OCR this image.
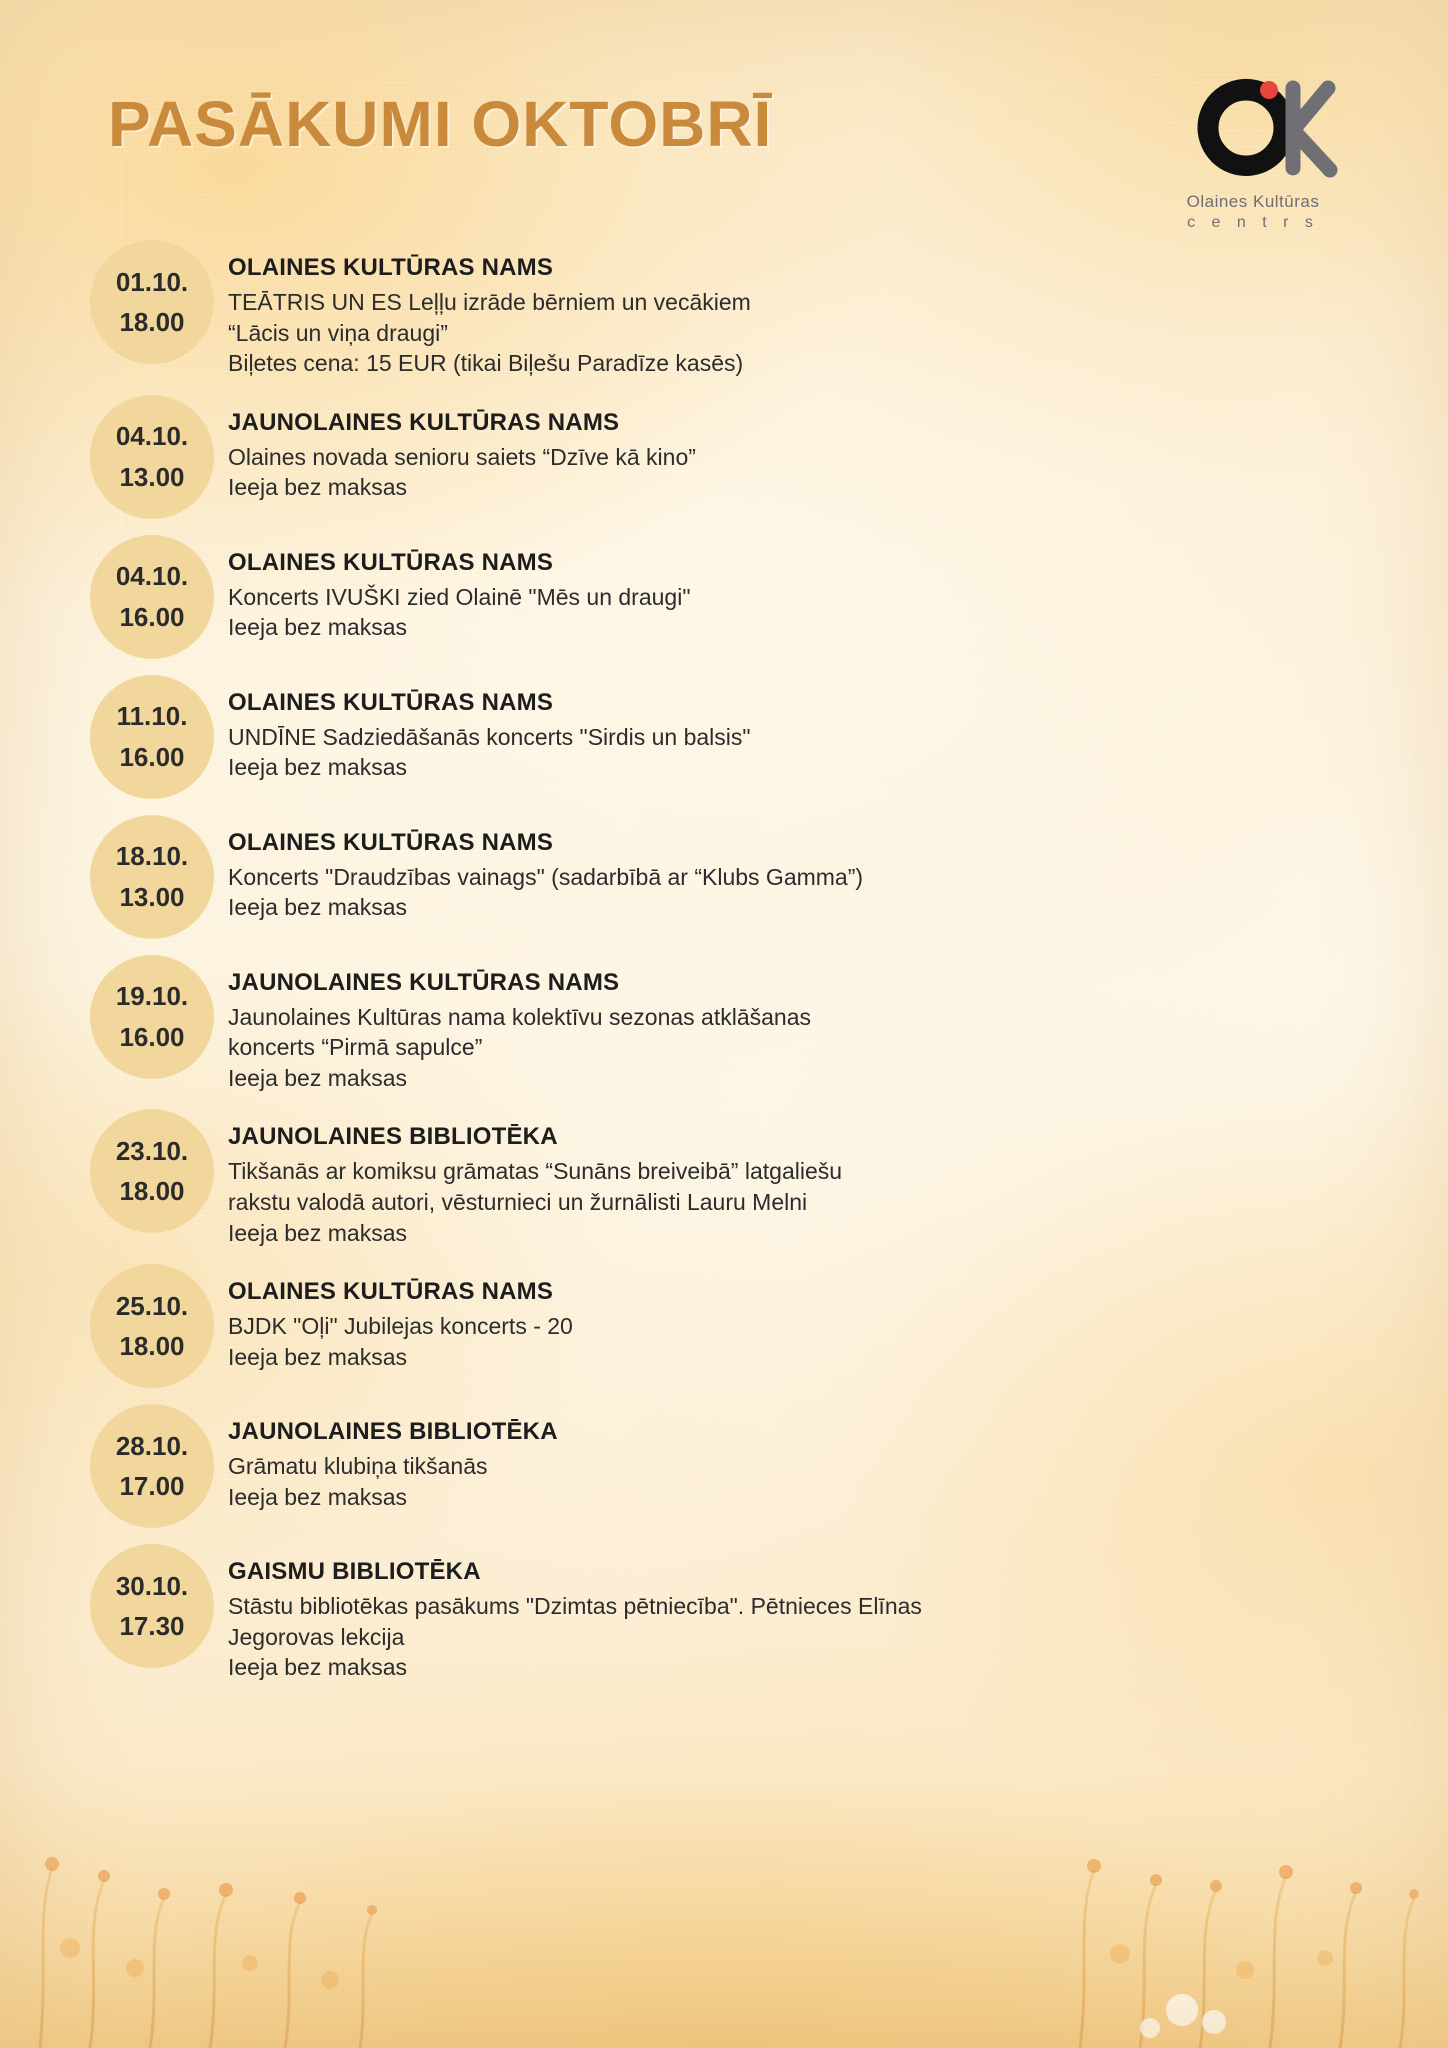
PASĀKUMI OKTOBRĪ
Olaines Kultūras
c e n t r s
01.10.
18.00
OLAINES KULTŪRAS NAMS
TEĀTRIS UN ES Leļļu izrāde bērniem un vecākiem
“Lācis un viņa draugi”
Biļetes cena: 15 EUR (tikai Biļešu Paradīze kasēs)
04.10.
13.00
JAUNOLAINES KULTŪRAS NAMS
Olaines novada senioru saiets “Dzīve kā kino”
Ieeja bez maksas
04.10.
16.00
OLAINES KULTŪRAS NAMS
Koncerts IVUŠKI zied Olainē "Mēs un draugi"
Ieeja bez maksas
11.10.
16.00
OLAINES KULTŪRAS NAMS
UNDĪNE Sadziedāšanās koncerts "Sirdis un balsis"
Ieeja bez maksas
18.10.
13.00
OLAINES KULTŪRAS NAMS
Koncerts "Draudzības vainags" (sadarbībā ar “Klubs Gamma”)
Ieeja bez maksas
19.10.
16.00
JAUNOLAINES KULTŪRAS NAMS
Jaunolaines Kultūras nama kolektīvu sezonas atklāšanas
koncerts “Pirmā sapulce”
Ieeja bez maksas
23.10.
18.00
JAUNOLAINES BIBLIOTĒKA
Tikšanās ar komiksu grāmatas “Sunāns breiveibā” latgaliešu
rakstu valodā autori, vēsturnieci un žurnālisti Lauru Melni
Ieeja bez maksas
25.10.
18.00
OLAINES KULTŪRAS NAMS
BJDK "Oļi" Jubilejas koncerts - 20
Ieeja bez maksas
28.10.
17.00
JAUNOLAINES BIBLIOTĒKA
Grāmatu klubiņa tikšanās
Ieeja bez maksas
30.10.
17.30
GAISMU BIBLIOTĒKA
Stāstu bibliotēkas pasākums "Dzimtas pētniecība". Pētnieces Elīnas
Jegorovas lekcija
Ieeja bez maksas
